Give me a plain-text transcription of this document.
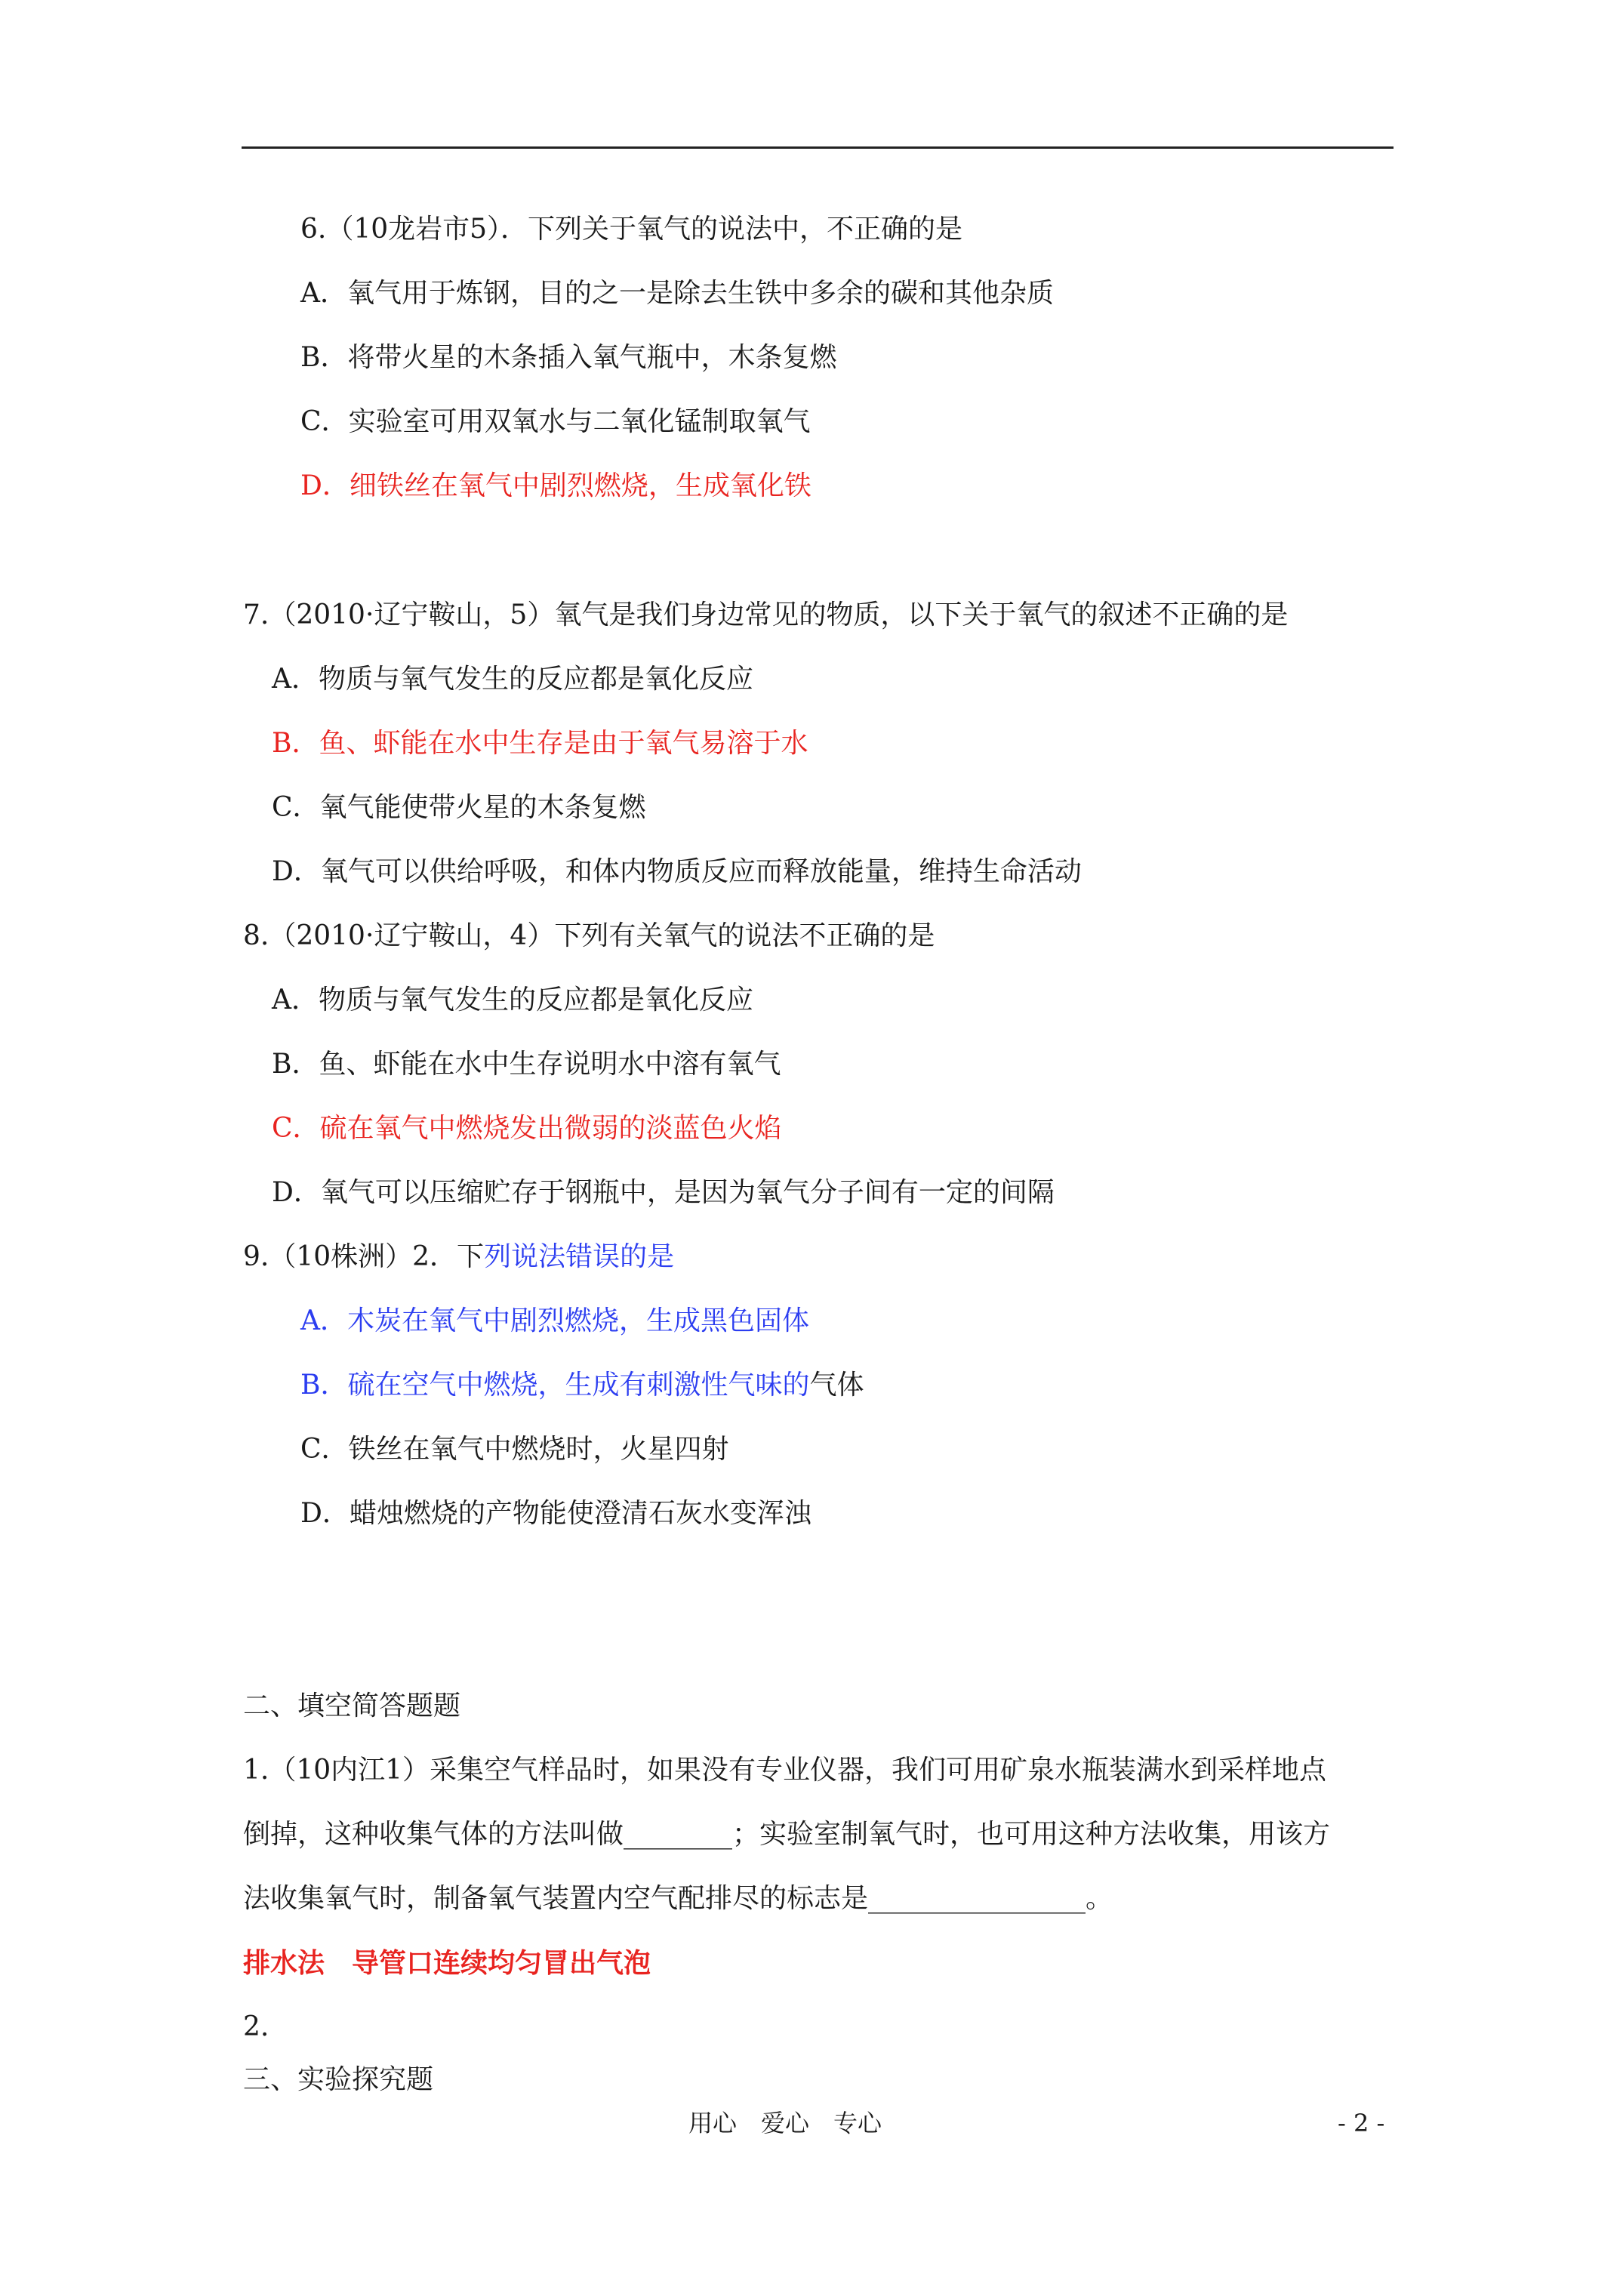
6.（10龙岩市5）．下列关于氧气的说法中，不正确的是
A．氧气用于炼钢，目的之一是除去生铁中多余的碳和其他杂质
B．将带火星的木条插入氧气瓶中，木条复燃
C．实验室可用双氧水与二氧化锰制取氧气
D．细铁丝在氧气中剧烈燃烧，生成氧化铁
7.（2010·辽宁鞍山，5）氧气是我们身边常见的物质，以下关于氧气的叙述不正确的是
A．物质与氧气发生的反应都是氧化反应
B．鱼、虾能在水中生存是由于氧气易溶于水
C．氧气能使带火星的木条复燃
D．氧气可以供给呼吸，和体内物质反应而释放能量，维持生命活动
8.（2010·辽宁鞍山，4）下列有关氧气的说法不正确的是
A．物质与氧气发生的反应都是氧化反应
B．鱼、虾能在水中生存说明水中溶有氧气
C．硫在氧气中燃烧发出微弱的淡蓝色火焰
D．氧气可以压缩贮存于钢瓶中，是因为氧气分子间有一定的间隔
9.（10株洲）2．下列说法错误的是
A．木炭在氧气中剧烈燃烧，生成黑色固体
B．硫在空气中燃烧，生成有刺激性气味的气体
C．铁丝在氧气中燃烧时，火星四射
D．蜡烛燃烧的产物能使澄清石灰水变浑浊
二、填空简答题题
1.（10内江1）采集空气样品时，如果没有专业仪器，我们可用矿泉水瓶装满水到采样地点
倒掉，这种收集气体的方法叫做________；实验室制氧气时，也可用这种方法收集，用该方
法收集氧气时，制备氧气装置内空气配排尽的标志是________________。
排水法　导管口连续均匀冒出气泡
2.
三、实验探究题
用心　爱心　专心	- 2 -
